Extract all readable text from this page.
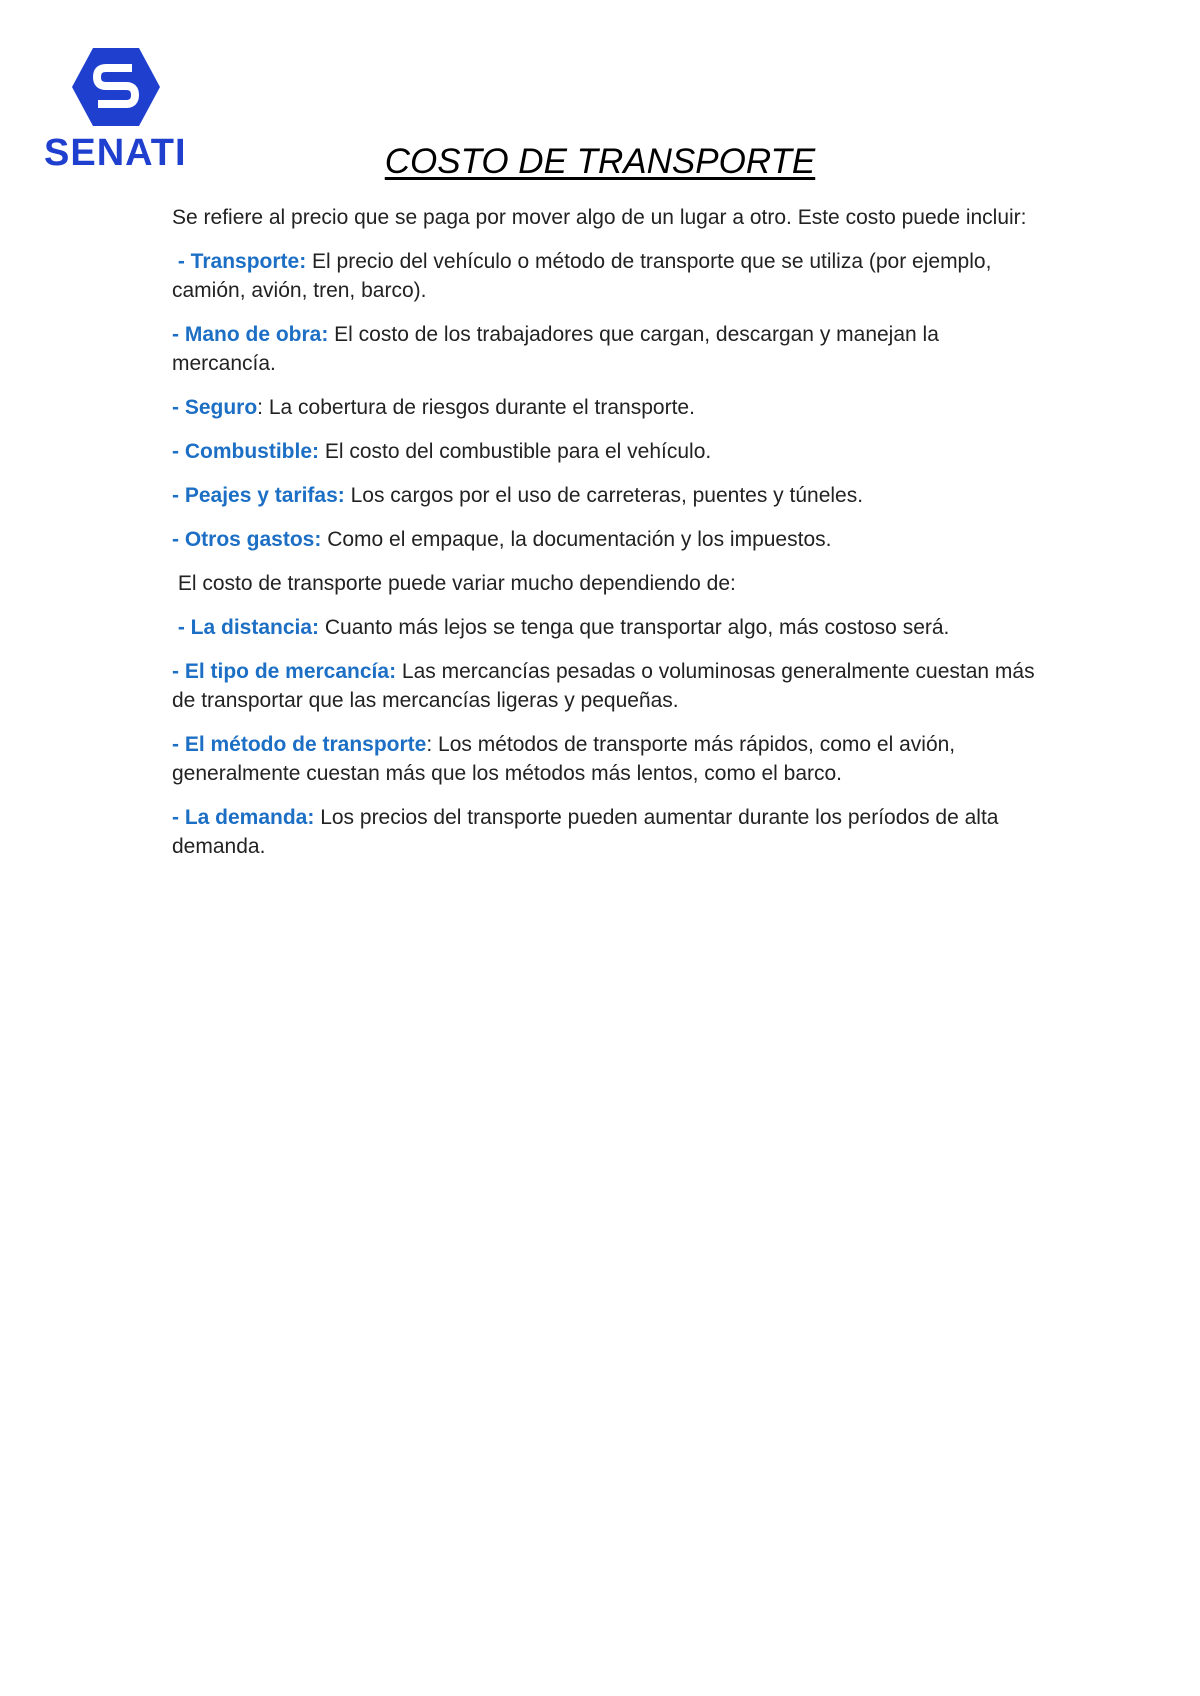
SENATI	COSTO DE TRANSPORTE

Se refiere al precio que se paga por mover algo de un lugar a otro. Este costo puede incluir:

- Transporte: El precio del vehículo o método de transporte que se utiliza (por ejemplo, camión, avión, tren, barco).

- Mano de obra: El costo de los trabajadores que cargan, descargan y manejan la mercancía.

- Seguro: La cobertura de riesgos durante el transporte.

- Combustible: El costo del combustible para el vehículo.

- Peajes y tarifas: Los cargos por el uso de carreteras, puentes y túneles.

- Otros gastos: Como el empaque, la documentación y los impuestos.

El costo de transporte puede variar mucho dependiendo de:

- La distancia: Cuanto más lejos se tenga que transportar algo, más costoso será.

- El tipo de mercancía: Las mercancías pesadas o voluminosas generalmente cuestan más de transportar que las mercancías ligeras y pequeñas.

- El método de transporte: Los métodos de transporte más rápidos, como el avión, generalmente cuestan más que los métodos más lentos, como el barco.

- La demanda: Los precios del transporte pueden aumentar durante los períodos de alta demanda.
